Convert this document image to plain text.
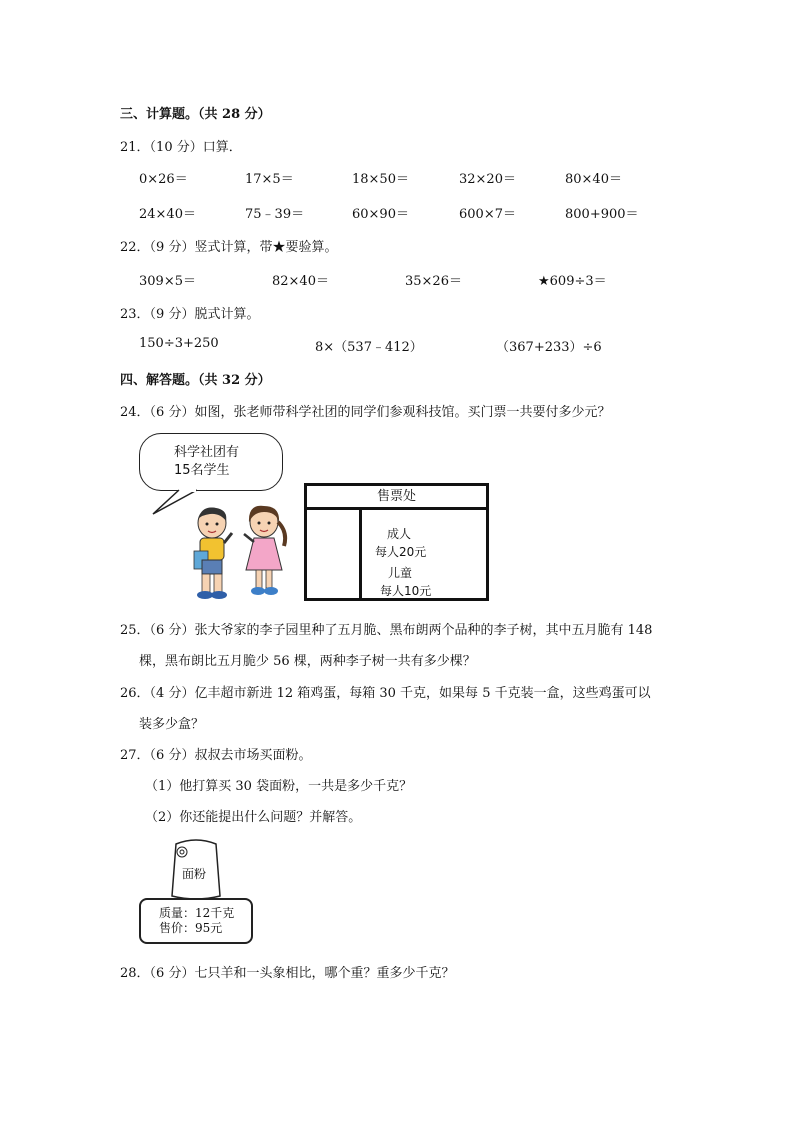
三、计算题。（共 28 分）
21．（10 分）口算．
0×26＝	17×5＝	18×50＝	32×20＝	80×40＝
24×40＝	75﹣39＝	60×90＝	600×7＝	800+900＝
22．（9 分）竖式计算，带★要验算。
309×5＝	82×40＝	35×26＝	★609÷3＝
23．（9 分）脱式计算。
150÷3+250	8×（537﹣412）	（367+233）÷6
四、解答题。（共 32 分）
24．（6 分）如图，张老师带科学社团的同学们参观科技馆。买门票一共要付多少元？
科学社团有
15名学生
售票处
成人
每人20元
儿童
每人10元
25．（6 分）张大爷家的李子园里种了五月脆、黑布朗两个品种的李子树，其中五月脆有 148
棵，黑布朗比五月脆少 56 棵，两种李子树一共有多少棵？
26．（4 分）亿丰超市新进 12 箱鸡蛋，每箱 30 千克，如果每 5 千克装一盒，这些鸡蛋可以
装多少盒？
27．（6 分）叔叔去市场买面粉。
（1）他打算买 30 袋面粉，一共是多少千克？
（2）你还能提出什么问题？并解答。
面粉
质量：12千克
售价：95元
28．（6 分）七只羊和一头象相比，哪个重？重多少千克？
